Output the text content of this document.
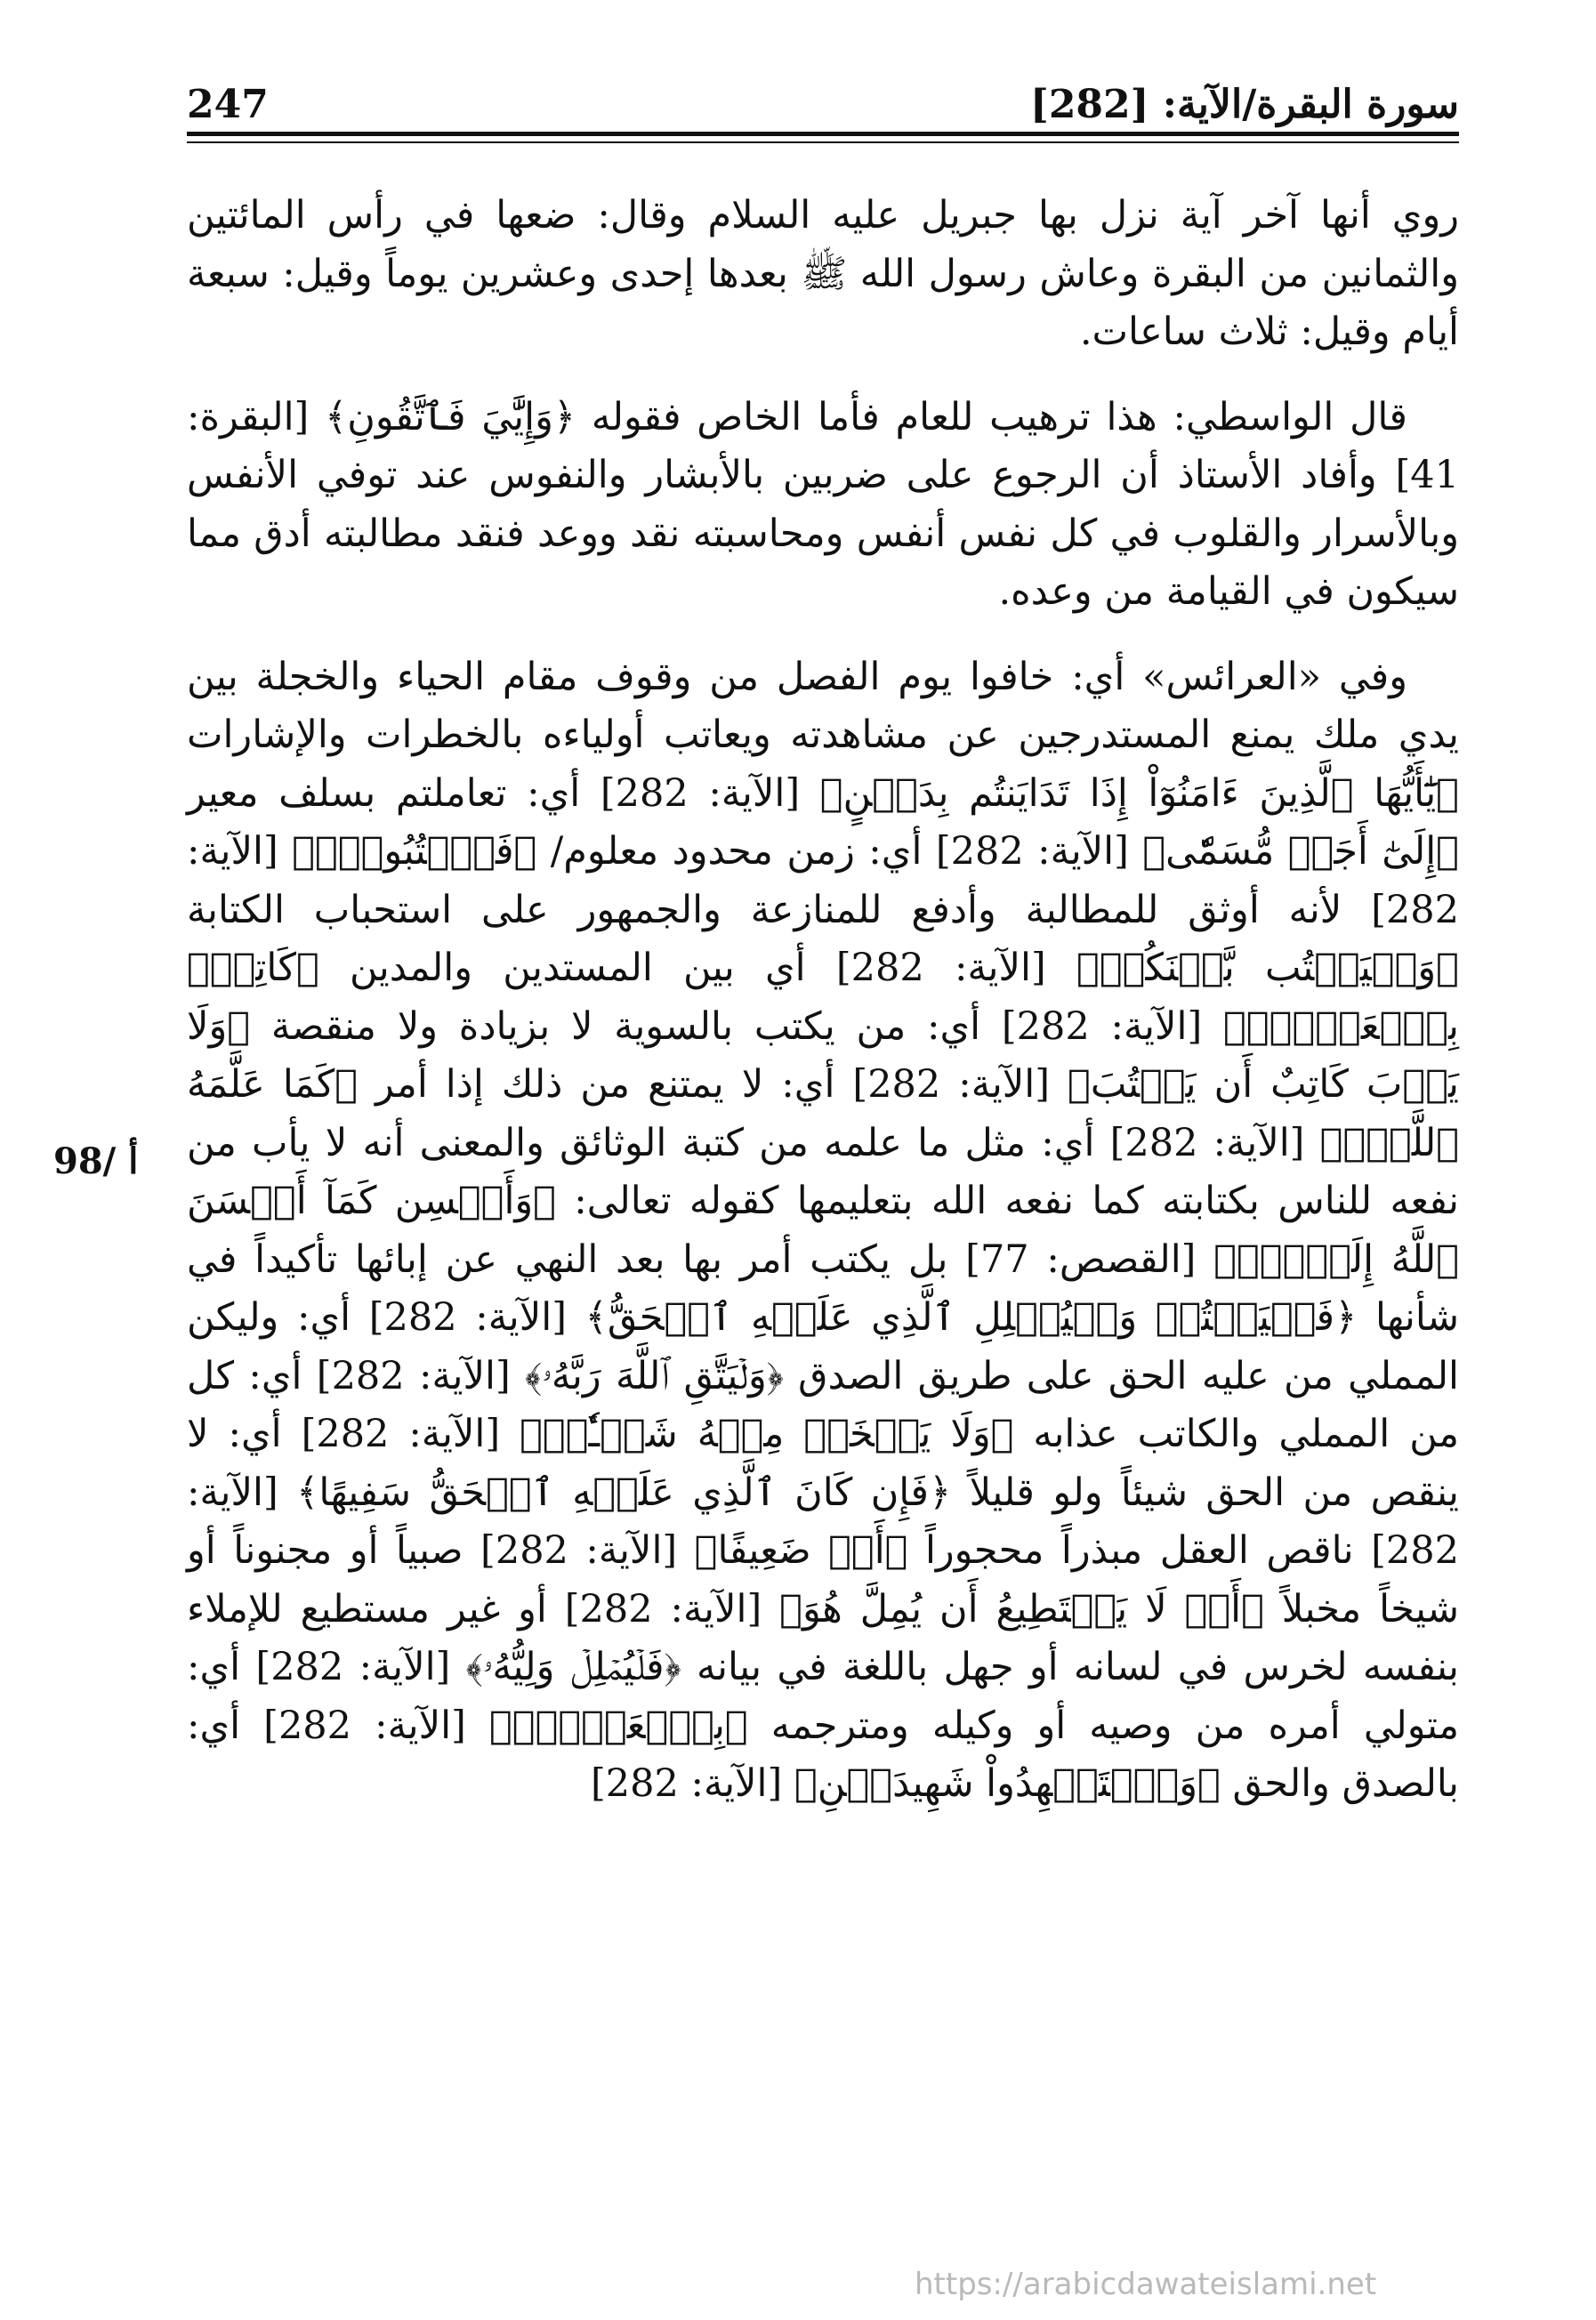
247	سورة البقرة/الآية: [282]
98/ أ

روي أنها آخر آية نزل بها جبريل عليه السلام وقال: ضعها في رأس المائتين والثمانين من البقرة وعاش رسول الله ﷺ بعدها إحدى وعشرين يوماً وقيل: سبعة أيام وقيل: ثلاث ساعات.

قال الواسطي: هذا ترهيب للعام فأما الخاص فقوله ﴿وَإِيَّٰيَ فَٱتَّقُونِ﴾ [البقرة: 41] وأفاد الأستاذ أن الرجوع على ضربين بالأبشار والنفوس عند توفي الأنفس وبالأسرار والقلوب في كل نفس أنفس ومحاسبته نقد ووعد فنقد مطالبته أدق مما سيكون في القيامة من وعده.

وفي «العرائس» أي: خافوا يوم الفصل من وقوف مقام الحياء والخجلة بين يدي ملك يمنع المستدرجين عن مشاهدته ويعاتب أولياءه بالخطرات والإشارات ﴿يَٰٓأَيُّهَا ٱلَّذِينَ ءَامَنُوٓاْ إِذَا تَدَايَنتُم بِدَيۡنٍ﴾ [الآية: 282] أي: تعاملتم بسلف معير ﴿إِلَىٰٓ أَجَلٖ مُّسَمّٗى﴾ [الآية: 282] أي: زمن محدود معلوم/ ﴿فَٱكۡتُبُوهُۚ﴾ [الآية: 282] لأنه أوثق للمطالبة وأدفع للمنازعة والجمهور على استحباب الكتابة ﴿وَلۡيَكۡتُب بَّيۡنَكُمۡ﴾ [الآية: 282] أي بين المستدين والمدين ﴿كَاتِبُۢ بِٱلۡعَدۡلِۚ﴾ [الآية: 282] أي: من يكتب بالسوية لا بزيادة ولا منقصة ﴿وَلَا يَأۡبَ كَاتِبٌ أَن يَكۡتُبَ﴾ [الآية: 282] أي: لا يمتنع من ذلك إذا أمر ﴿كَمَا عَلَّمَهُ ٱللَّهُۚ﴾ [الآية: 282] أي: مثل ما علمه من كتبة الوثائق والمعنى أنه لا يأب من نفعه للناس بكتابته كما نفعه الله بتعليمها كقوله تعالى: ﴿وَأَحۡسِن كَمَآ أَحۡسَنَ ٱللَّهُ إِلَيۡكَۖ﴾ [القصص: 77] بل يكتب أمر بها بعد النهي عن إبائها تأكيداً في شأنها ﴿فَلۡيَكۡتُبۡ وَلۡيُمۡلِلِ ٱلَّذِي عَلَيۡهِ ٱلۡحَقُّ﴾ [الآية: 282] أي: وليكن المملي من عليه الحق على طريق الصدق ﴿وَلۡيَتَّقِ ٱللَّهَ رَبَّهُۥ﴾ [الآية: 282] أي: كل من المملي والكاتب عذابه ﴿وَلَا يَبۡخَسۡ مِنۡهُ شَيۡـٔٗاۚ﴾ [الآية: 282] أي: لا ينقص من الحق شيئاً ولو قليلاً ﴿فَإِن كَانَ ٱلَّذِي عَلَيۡهِ ٱلۡحَقُّ سَفِيهًا﴾ [الآية: 282] ناقص العقل مبذراً محجوراً ﴿أَوۡ ضَعِيفًا﴾ [الآية: 282] صبياً أو مجنوناً أو شيخاً مخبلاً ﴿أَوۡ لَا يَسۡتَطِيعُ أَن يُمِلَّ هُوَ﴾ [الآية: 282] أو غير مستطيع للإملاء بنفسه لخرس في لسانه أو جهل باللغة في بيانه ﴿فَلۡيُمۡلِلۡ وَلِيُّهُۥ﴾ [الآية: 282] أي: متولي أمره من وصيه أو وكيله ومترجمه ﴿بِٱلۡعَدۡلِۚ﴾ [الآية: 282] أي: بالصدق والحق ﴿وَٱسۡتَشۡهِدُواْ شَهِيدَيۡنِ﴾ [الآية: 282]

https://arabicdawateislami.net
